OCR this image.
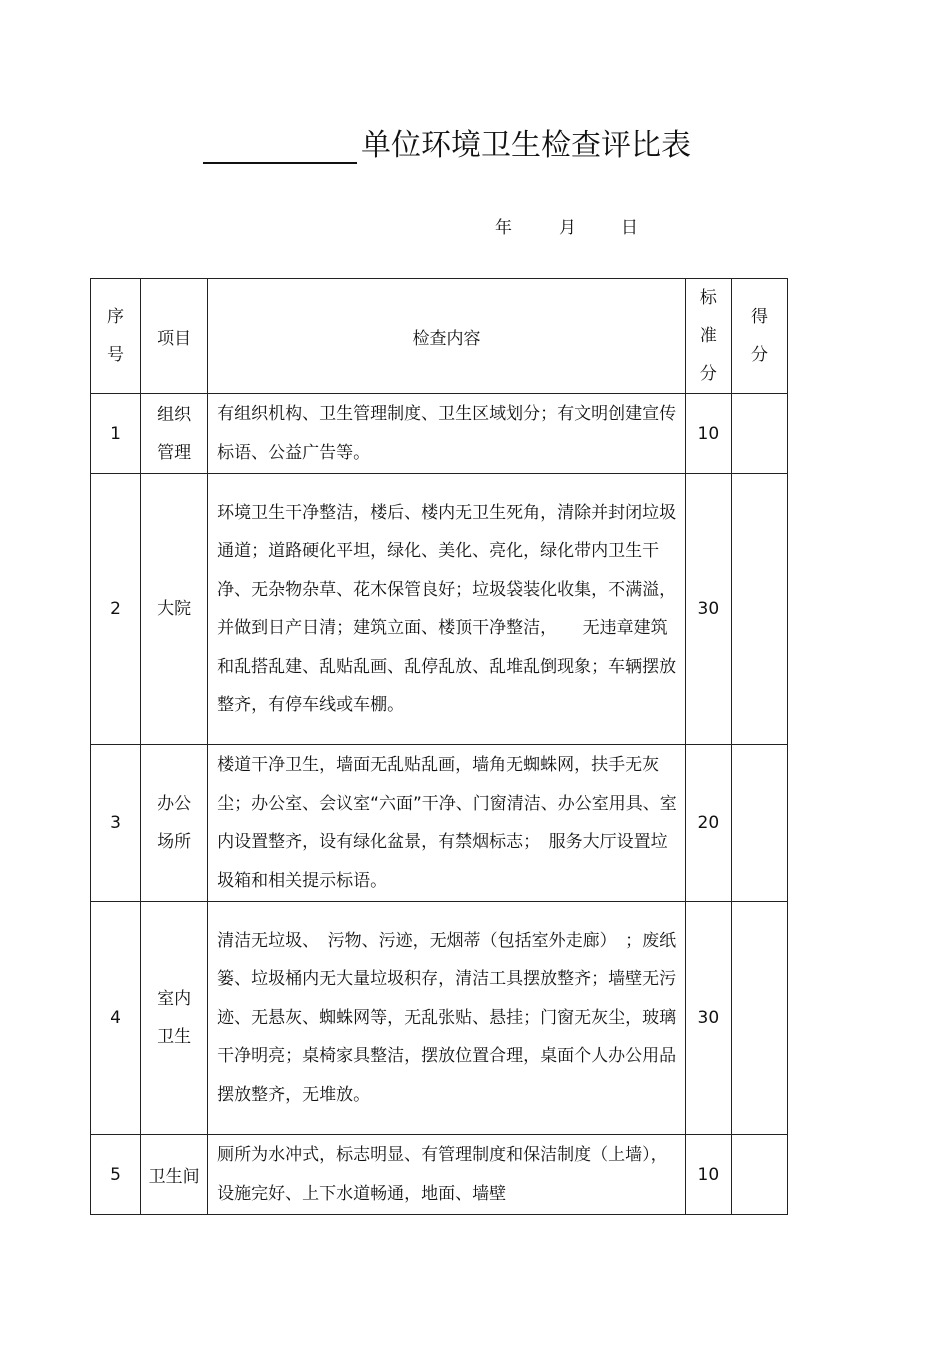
单位环境卫生检查评比表
年	月	日
序号	项目	检查内容	标准分	得分
1	组织管理	有组织机构、卫生管理制度、卫生区域划分；有文明创建宣传标语、公益广告等。	10	
2	大院	环境卫生干净整洁，楼后、楼内无卫生死角，清除并封闭垃圾通道；道路硬化平坦，绿化、美化、亮化，绿化带内卫生干净、无杂物杂草、花木保管良好；垃圾袋装化收集，不满溢，并做到日产日清；建筑立面、楼顶干净整洁，　　无违章建筑和乱搭乱建、乱贴乱画、乱停乱放、乱堆乱倒现象；车辆摆放整齐，有停车线或车棚。	30	
3	办公场所	楼道干净卫生，墙面无乱贴乱画，墙角无蜘蛛网，扶手无灰尘；办公室、会议室“六面”干净、门窗清洁、办公室用具、室内设置整齐，设有绿化盆景，有禁烟标志；　服务大厅设置垃圾箱和相关提示标语。	20	
4	室内卫生	清洁无垃圾、　污物、污迹，无烟蒂（包括室外走廊）　；废纸篓、垃圾桶内无大量垃圾积存，清洁工具摆放整齐；墙壁无污迹、无悬灰、蜘蛛网等，无乱张贴、悬挂；门窗无灰尘，玻璃干净明亮；桌椅家具整洁，摆放位置合理，桌面个人办公用品摆放整齐，无堆放。	30	
5	卫生间	厕所为水冲式，标志明显、有管理制度和保洁制度（上墙），设施完好、上下水道畅通，地面、墙壁	10	
